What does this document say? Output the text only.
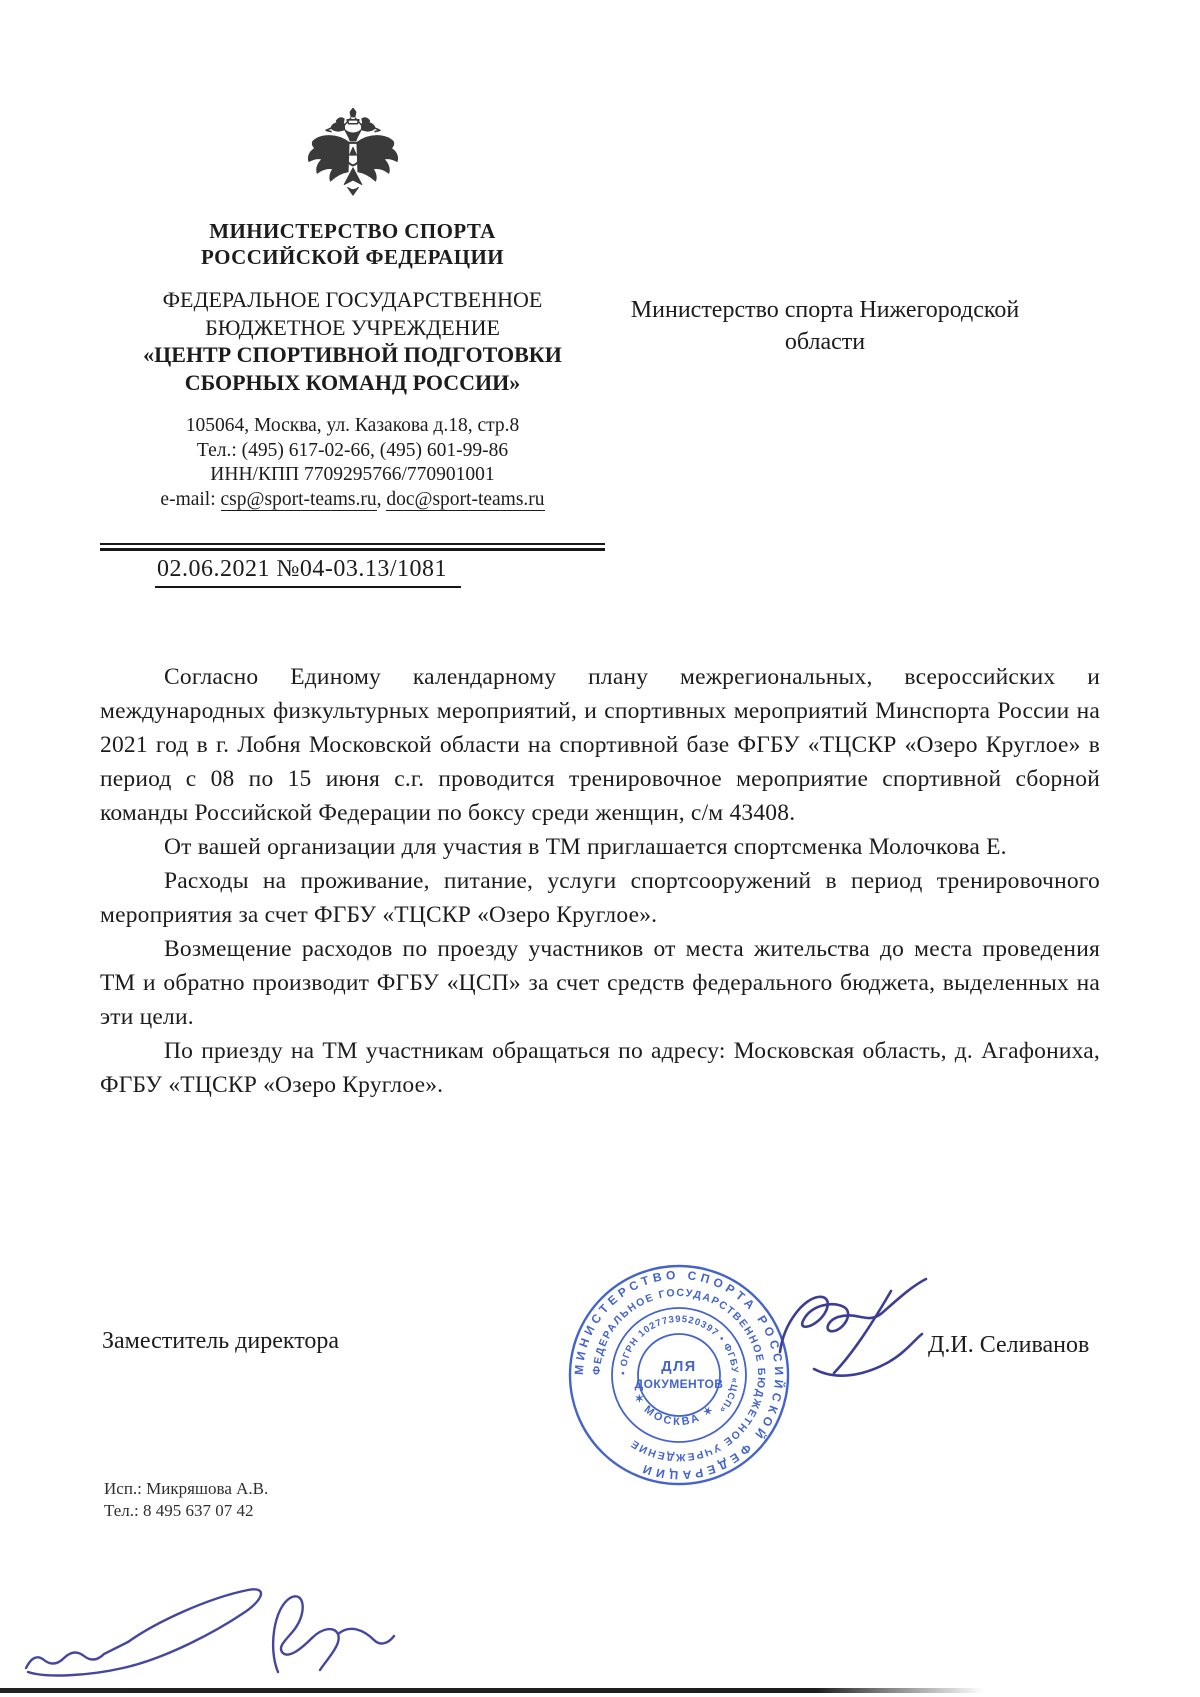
МИНИСТЕРСТВО СПОРТА
РОССИЙСКОЙ ФЕДЕРАЦИИ
ФЕДЕРАЛЬНОЕ ГОСУДАРСТВЕННОЕ
БЮДЖЕТНОЕ УЧРЕЖДЕНИЕ
«ЦЕНТР СПОРТИВНОЙ ПОДГОТОВКИ
СБОРНЫХ КОМАНД РОССИИ»
105064, Москва, ул. Казакова д.18, стр.8
Тел.: (495) 617-02-66, (495) 601-99-86
ИНН/КПП 7709295766/770901001
e-mail: csp@sport-teams.ru, doc@sport-teams.ru
02.06.2021 №04-03.13/1081
Министерство спорта Нижегородской области

Согласно Единому календарному плану межрегиональных, всероссийских и международных физкультурных мероприятий, и спортивных мероприятий Минспорта России на 2021 год в г. Лобня Московской области на спортивной базе ФГБУ «ТЦСКР «Озеро Круглое» в период с 08 по 15 июня с.г. проводится тренировочное мероприятие спортивной сборной команды Российской Федерации по боксу среди женщин, с/м 43408.

От вашей организации для участия в ТМ приглашается спортсменка Молочкова Е.

Расходы на проживание, питание, услуги спортсооружений в период тренировочного мероприятия за счет ФГБУ «ТЦСКР «Озеро Круглое».

Возмещение расходов по проезду участников от места жительства до места проведения ТМ и обратно производит ФГБУ «ЦСП» за счет средств федерального бюджета, выделенных на эти цели.

По приезду на ТМ участникам обращаться по адресу: Московская область, д. Агафониха, ФГБУ «ТЦСКР «Озеро Круглое».

Заместитель директора
МИНИСТЕРСТВО СПОРТА РОССИЙСКОЙ ФЕДЕРАЦИИ
ФЕДЕРАЛЬНОЕ ГОСУДАРСТВЕННОЕ БЮДЖЕТНОЕ УЧРЕЖДЕНИЕ
• ОГРН 1027739520397 • ФГБУ «ЦСП»
✶ МОСКВА ✶
ДЛЯ
ДОКУМЕНТОВ
Д.И. Селиванов
Исп.: Микряшова А.В.
Тел.: 8 495 637 07 42
